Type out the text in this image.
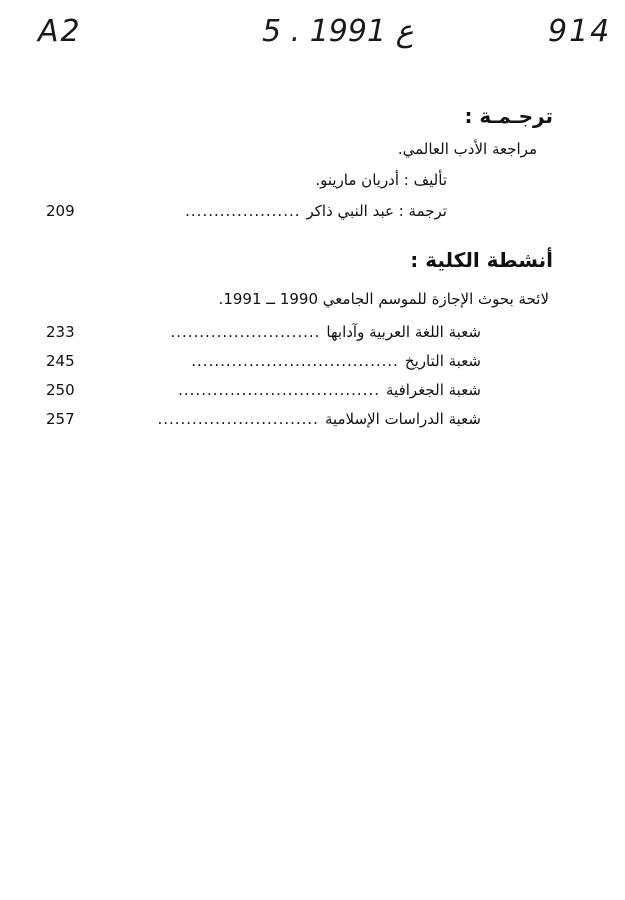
A2	5 . ع 1991	914
ترجـمـة :
مراجعة الأدب العالمي.
تأليف : أدريان مارينو.
ترجمة : عبد النبي ذاكر
....................
209
أنشطة الكلية :
لائحة بحوث الإجازة للموسم الجامعي 1990 ــ 1991.
شعبة اللغة العربية وآدابها
..........................
233
شعبة التاريخ
....................................
245
شعبة الجغرافية
...................................
250
شعبة الدراسات الإسلامية
............................
257
